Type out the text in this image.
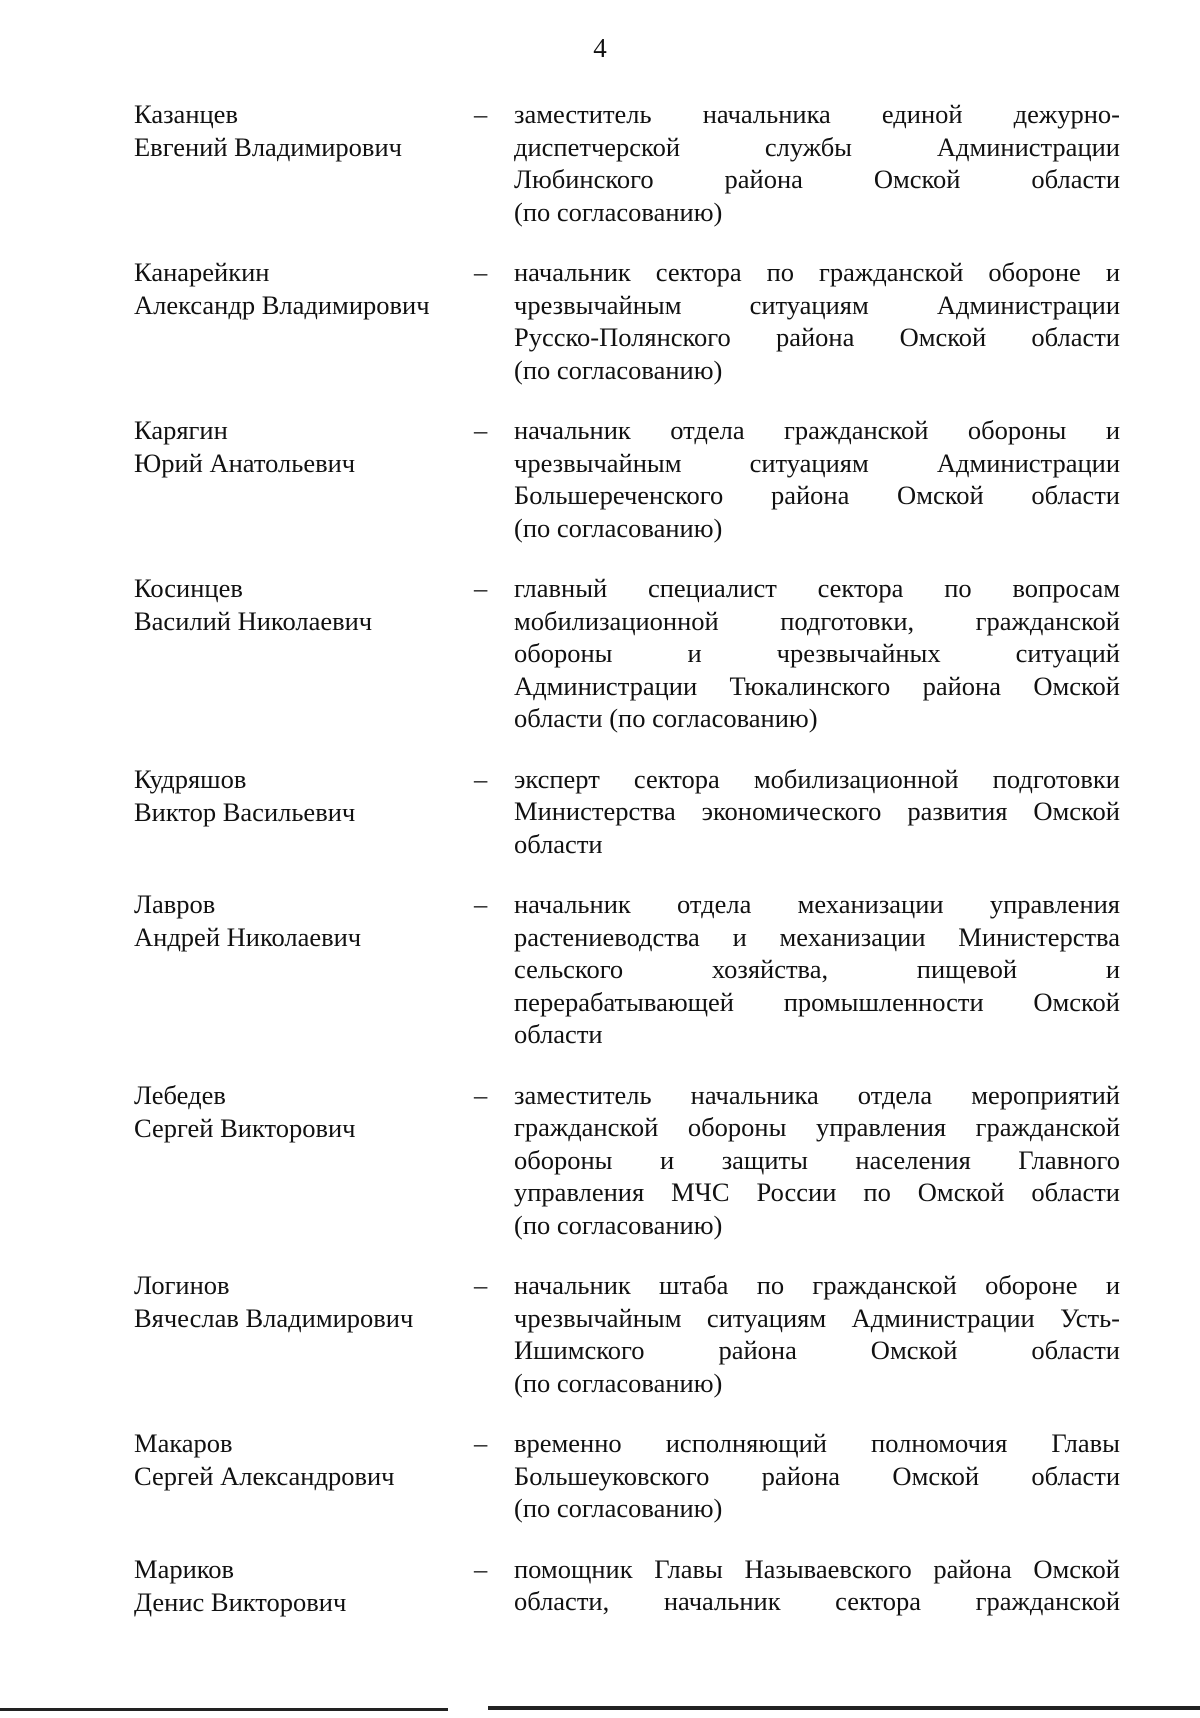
4
Казанцев
Евгений Владимирович
–	заместитель начальника единой дежурно-
диспетчерской службы Администрации
Любинского района Омской области
(по согласованию)
Канарейкин
Александр Владимирович
–	начальник сектора по гражданской обороне и
чрезвычайным ситуациям Администрации
Русско-Полянского района Омской области
(по согласованию)
Карягин
Юрий Анатольевич
–	начальник отдела гражданской обороны и
чрезвычайным ситуациям Администрации
Большереченского района Омской области
(по согласованию)
Косинцев
Василий Николаевич
–	главный специалист сектора по вопросам
мобилизационной подготовки, гражданской
обороны и чрезвычайных ситуаций
Администрации Тюкалинского района Омской
области (по согласованию)
Кудряшов
Виктор Васильевич
–	эксперт сектора мобилизационной подготовки
Министерства экономического развития Омской
области
Лавров
Андрей Николаевич
–	начальник отдела механизации управления
растениеводства и механизации Министерства
сельского хозяйства, пищевой и
перерабатывающей промышленности Омской
области
Лебедев
Сергей Викторович
–	заместитель начальника отдела мероприятий
гражданской обороны управления гражданской
обороны и защиты населения Главного
управления МЧС России по Омской области
(по согласованию)
Логинов
Вячеслав Владимирович
–	начальник штаба по гражданской обороне и
чрезвычайным ситуациям Администрации Усть-
Ишимского района Омской области
(по согласованию)
Макаров
Сергей Александрович
–	временно исполняющий полномочия Главы
Большеуковского района Омской области
(по согласованию)
Мариков
Денис Викторович
–	помощник Главы Называевского района Омской
области, начальник сектора гражданской
